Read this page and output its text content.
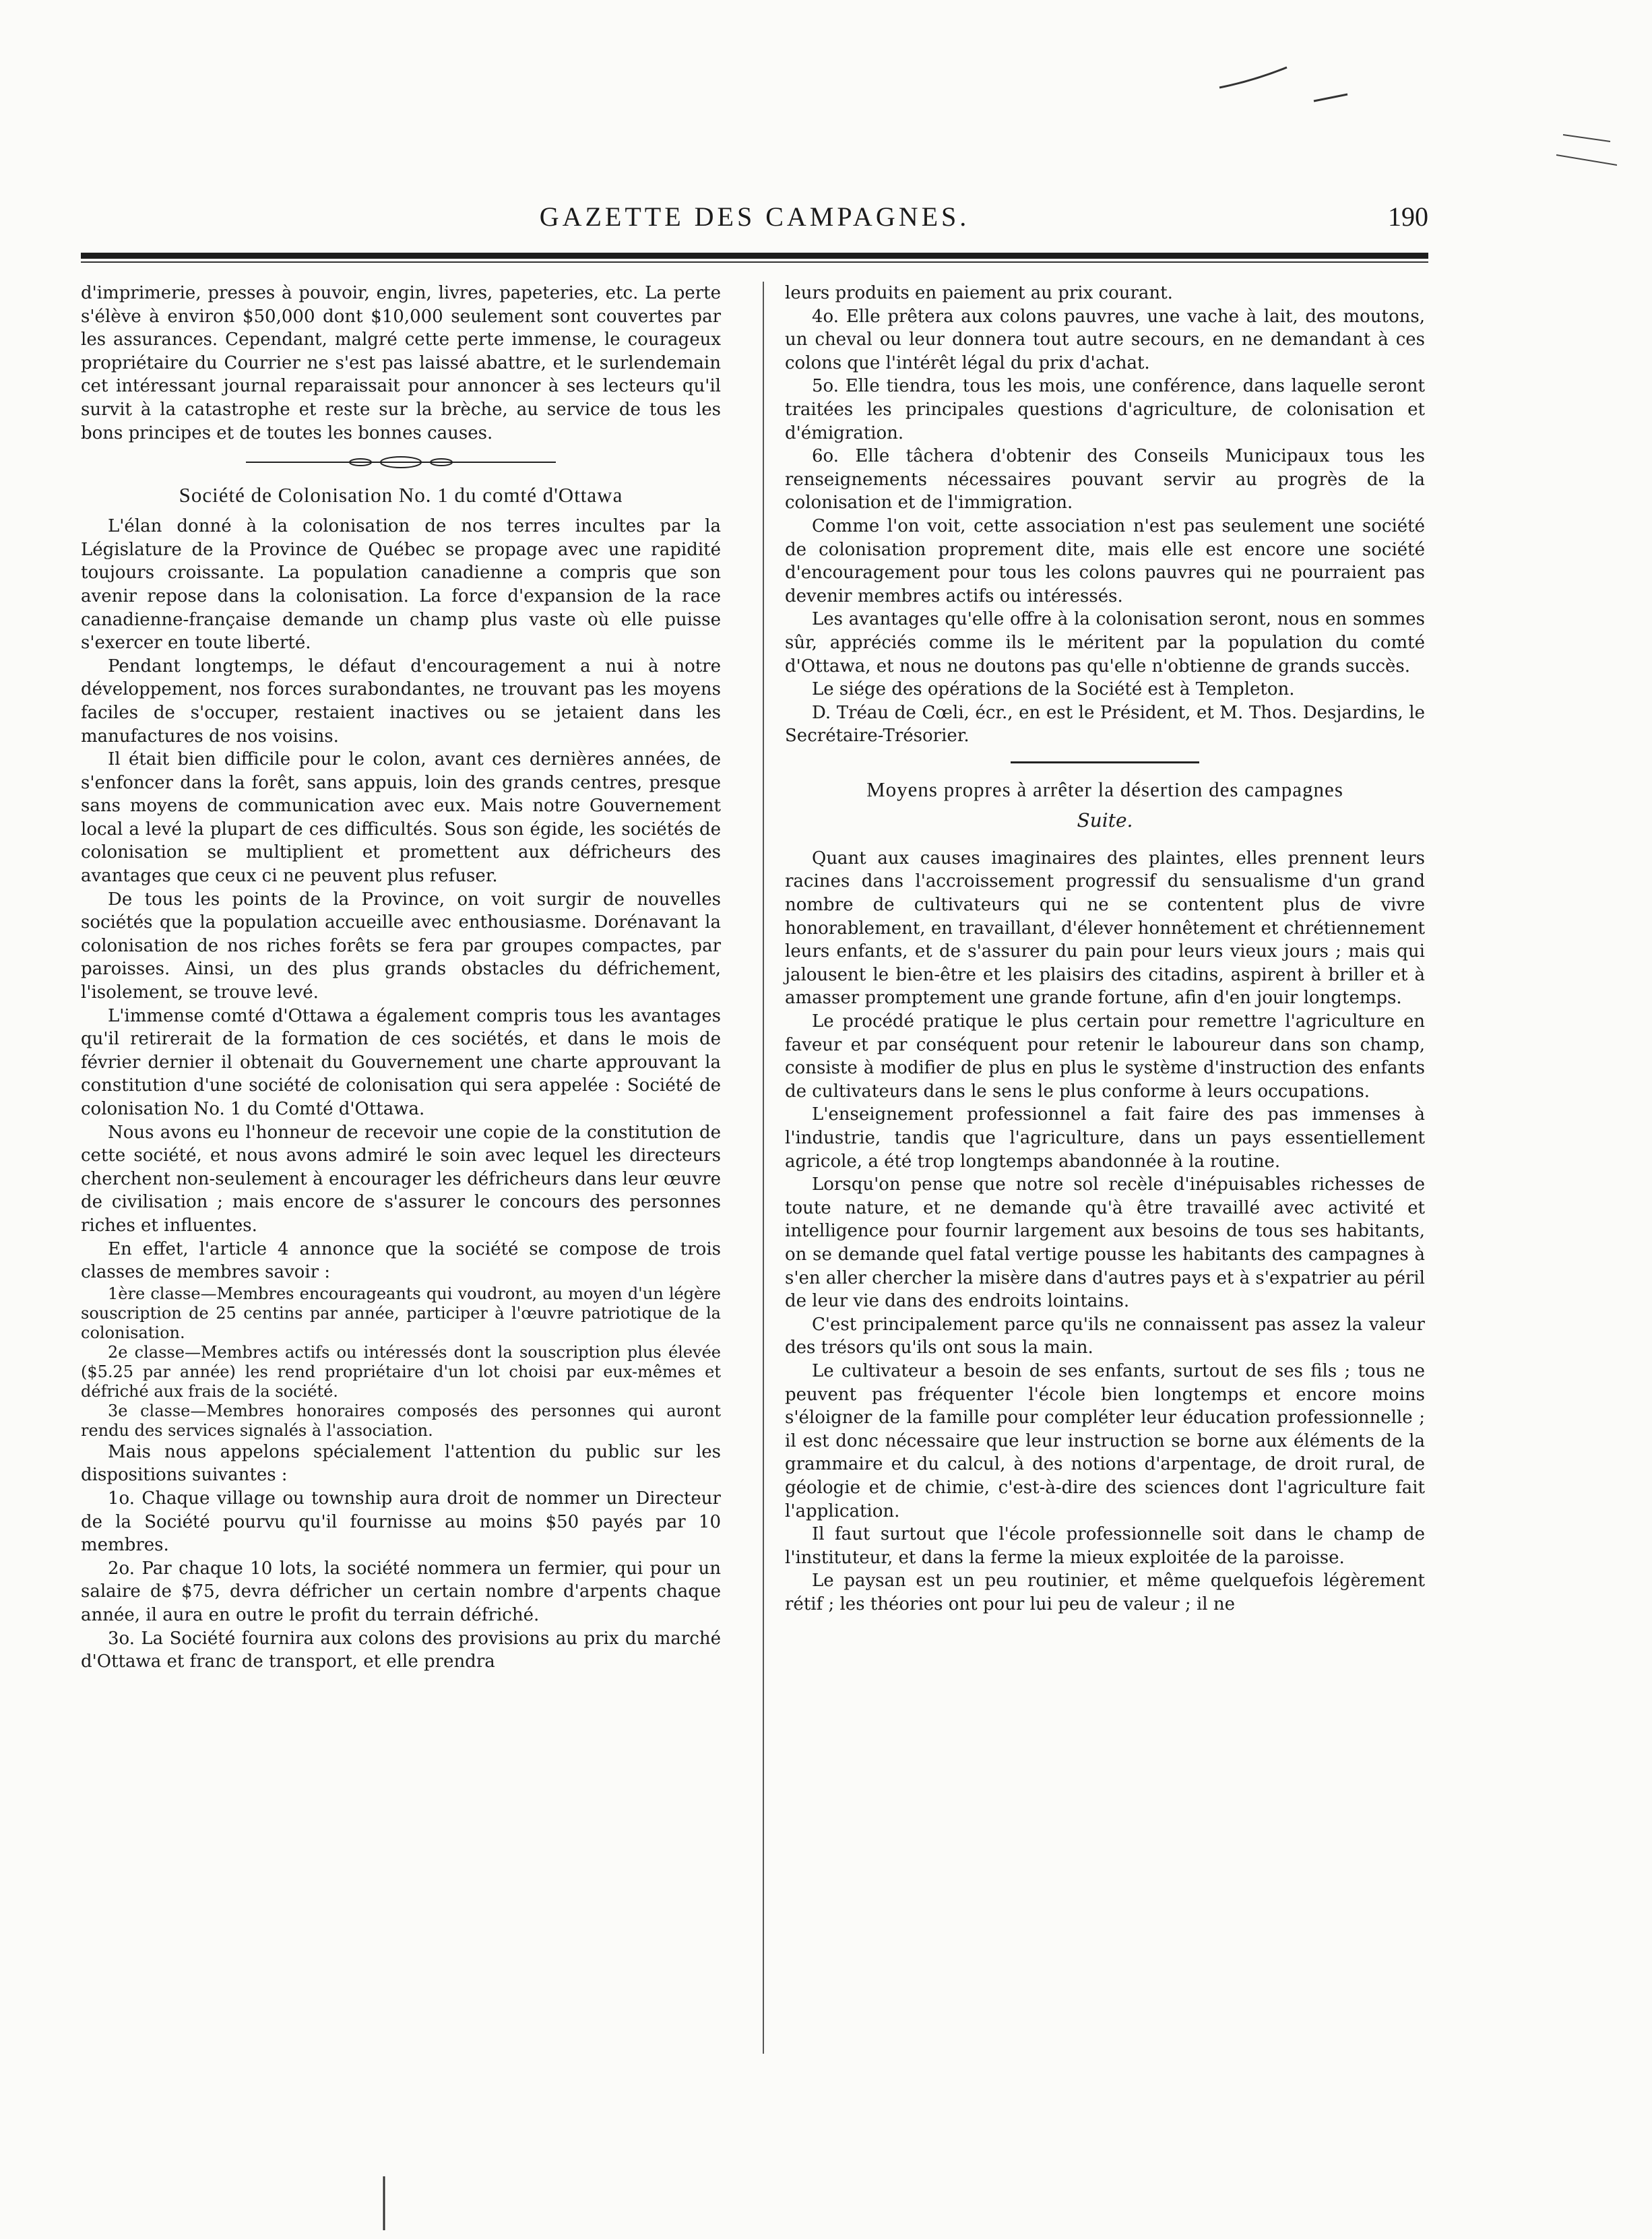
GAZETTE DES CAMPAGNES.	190

d'imprimerie, presses à pouvoir, engin, livres, papeteries, etc. La perte s'élève à environ $50,000 dont $10,000 seulement sont couvertes par les assurances. Cependant, malgré cette perte immense, le courageux propriétaire du Courrier ne s'est pas laissé abattre, et le surlendemain cet intéressant journal reparaissait pour annoncer à ses lecteurs qu'il survit à la catastrophe et reste sur la brèche, au service de tous les bons principes et de toutes les bonnes causes.

Société de Colonisation No. 1 du comté d'Ottawa

L'élan donné à la colonisation de nos terres incultes par la Législature de la Province de Québec se propage avec une rapidité toujours croissante. La population canadienne a compris que son avenir repose dans la colonisation. La force d'expansion de la race canadienne-française demande un champ plus vaste où elle puisse s'exercer en toute liberté.

Pendant longtemps, le défaut d'encouragement a nui à notre développement, nos forces surabondantes, ne trouvant pas les moyens faciles de s'occuper, restaient inactives ou se jetaient dans les manufactures de nos voisins.

Il était bien difficile pour le colon, avant ces dernières années, de s'enfoncer dans la forêt, sans appuis, loin des grands centres, presque sans moyens de communication avec eux. Mais notre Gouvernement local a levé la plupart de ces difficultés. Sous son égide, les sociétés de colonisation se multiplient et promettent aux défricheurs des avantages que ceux ci ne peuvent plus refuser.

De tous les points de la Province, on voit surgir de nouvelles sociétés que la population accueille avec enthousiasme. Dorénavant la colonisation de nos riches forêts se fera par groupes compactes, par paroisses. Ainsi, un des plus grands obstacles du défrichement, l'isolement, se trouve levé.

L'immense comté d'Ottawa a également compris tous les avantages qu'il retirerait de la formation de ces sociétés, et dans le mois de février dernier il obtenait du Gouvernement une charte approuvant la constitution d'une société de colonisation qui sera appelée : Société de colonisation No. 1 du Comté d'Ottawa.

Nous avons eu l'honneur de recevoir une copie de la constitution de cette société, et nous avons admiré le soin avec lequel les directeurs cherchent non-seulement à encourager les défricheurs dans leur œuvre de civilisation ; mais encore de s'assurer le concours des personnes riches et influentes.

En effet, l'article 4 annonce que la société se compose de trois classes de membres savoir :

1ère classe—Membres encourageants qui voudront, au moyen d'un légère souscription de 25 centins par année, participer à l'œuvre patriotique de la colonisation.

2e classe—Membres actifs ou intéressés dont la souscription plus élevée ($5.25 par année) les rend propriétaire d'un lot choisi par eux-mêmes et défriché aux frais de la société.

3e classe—Membres honoraires composés des personnes qui auront rendu des services signalés à l'association.

Mais nous appelons spécialement l'attention du public sur les dispositions suivantes :

1o. Chaque village ou township aura droit de nommer un Directeur de la Société pourvu qu'il fournisse au moins $50 payés par 10 membres.

2o. Par chaque 10 lots, la société nommera un fermier, qui pour un salaire de $75, devra défricher un certain nombre d'arpents chaque année, il aura en outre le profit du terrain défriché.

3o. La Société fournira aux colons des provisions au prix du marché d'Ottawa et franc de transport, et elle prendra

leurs produits en paiement au prix courant.

4o. Elle prêtera aux colons pauvres, une vache à lait, des moutons, un cheval ou leur donnera tout autre secours, en ne demandant à ces colons que l'intérêt légal du prix d'achat.

5o. Elle tiendra, tous les mois, une conférence, dans laquelle seront traitées les principales questions d'agriculture, de colonisation et d'émigration.

6o. Elle tâchera d'obtenir des Conseils Municipaux tous les renseignements nécessaires pouvant servir au progrès de la colonisation et de l'immigration.

Comme l'on voit, cette association n'est pas seulement une société de colonisation proprement dite, mais elle est encore une société d'encouragement pour tous les colons pauvres qui ne pourraient pas devenir membres actifs ou intéressés.

Les avantages qu'elle offre à la colonisation seront, nous en sommes sûr, appréciés comme ils le méritent par la population du comté d'Ottawa, et nous ne doutons pas qu'elle n'obtienne de grands succès.

Le siége des opérations de la Société est à Templeton.

D. Tréau de Cœli, écr., en est le Président, et M. Thos. Desjardins, le Secrétaire-Trésorier.

Moyens propres à arrêter la désertion des campagnes
Suite.

Quant aux causes imaginaires des plaintes, elles prennent leurs racines dans l'accroissement progressif du sensualisme d'un grand nombre de cultivateurs qui ne se contentent plus de vivre honorablement, en travaillant, d'élever honnêtement et chrétiennement leurs enfants, et de s'assurer du pain pour leurs vieux jours ; mais qui jalousent le bien-être et les plaisirs des citadins, aspirent à briller et à amasser promptement une grande fortune, afin d'en jouir longtemps.

Le procédé pratique le plus certain pour remettre l'agriculture en faveur et par conséquent pour retenir le laboureur dans son champ, consiste à modifier de plus en plus le système d'instruction des enfants de cultivateurs dans le sens le plus conforme à leurs occupations.

L'enseignement professionnel a fait faire des pas immenses à l'industrie, tandis que l'agriculture, dans un pays essentiellement agricole, a été trop longtemps abandonnée à la routine.

Lorsqu'on pense que notre sol recèle d'inépuisables richesses de toute nature, et ne demande qu'à être travaillé avec activité et intelligence pour fournir largement aux besoins de tous ses habitants, on se demande quel fatal vertige pousse les habitants des campagnes à s'en aller chercher la misère dans d'autres pays et à s'expatrier au péril de leur vie dans des endroits lointains.

C'est principalement parce qu'ils ne connaissent pas assez la valeur des trésors qu'ils ont sous la main.

Le cultivateur a besoin de ses enfants, surtout de ses fils ; tous ne peuvent pas fréquenter l'école bien longtemps et encore moins s'éloigner de la famille pour compléter leur éducation professionnelle ; il est donc nécessaire que leur instruction se borne aux éléments de la grammaire et du calcul, à des notions d'arpentage, de droit rural, de géologie et de chimie, c'est-à-dire des sciences dont l'agriculture fait l'application.

Il faut surtout que l'école professionnelle soit dans le champ de l'instituteur, et dans la ferme la mieux exploitée de la paroisse.

Le paysan est un peu routinier, et même quelquefois légèrement rétif ; les théories ont pour lui peu de valeur ; il ne
